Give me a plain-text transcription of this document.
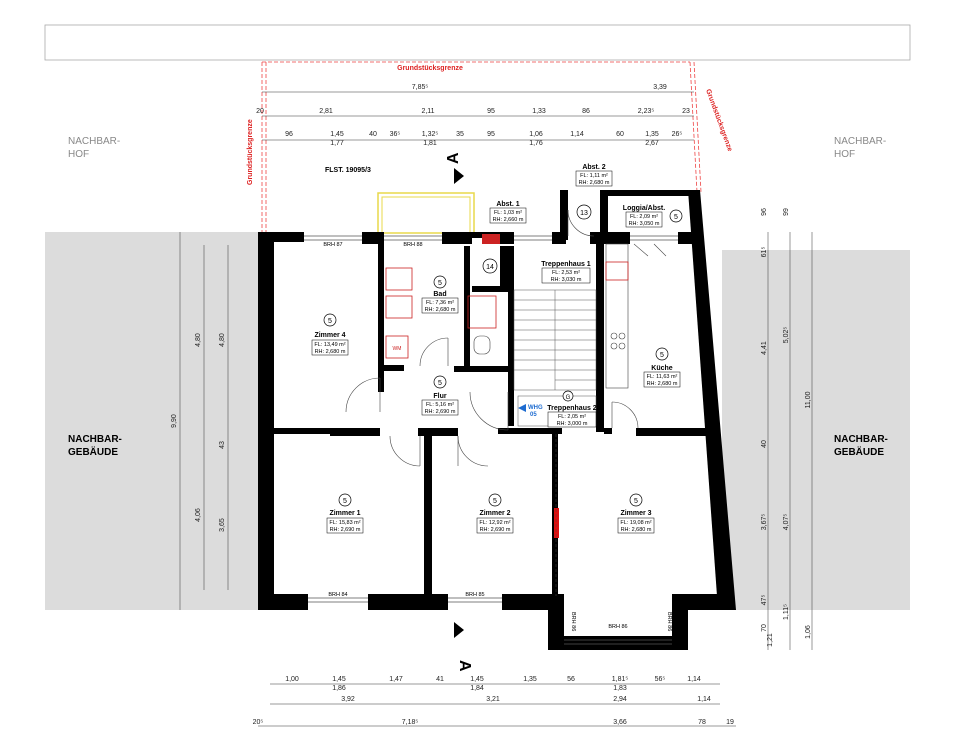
Grundstücksgrenze
Grundstücksgrenze	Grundstücksgrenze
NACHBAR-
HOF
NACHBAR-
HOF
NACHBAR-
GEBÄUDE
NACHBAR-
GEBÄUDE
FLST. 19095/3
WM
A
A
WHG
05
5
Zimmer 4
FL: 13,49 m²
RH: 2,680 m
5
Bad
FL: 7,36 m²
RH: 2,680 m
5
Flur
FL: 5,16 m²
RH: 2,690 m
5
Küche
FL: 11,63 m²
RH: 2,680 m
5
Zimmer 1
FL: 15,83 m²
RH: 2,690 m
5
Zimmer 2
FL: 12,92 m²
RH: 2,690 m
5
Zimmer 3
FL: 19,08 m²
RH: 2,680 m
Abst. 1
FL: 1,03 m²
RH: 2,660 m
Abst. 2
FL: 1,11 m²
RH: 2,680 m
Loggia/Abst.
5
FL: 2,09 m²
RH: 3,050 m
Treppenhaus 1
FL: 2,53 m²
RH: 3,030 m
G
Treppenhaus 2
FL: 2,05 m²
RH: 3,000 m
13
14
BRH 87	BRH 88
BRH 84	BRH 85
BRH 86
BRH 86	BRH 86
7,85⁵	3,39
20	2,81	2,11	95	1,33	86	2,23⁵	23
96	1,45	40 36⁵	1,32⁵	35	95	1,06	1,14	60	1,35 26⁵
1,77	1,81	1,76	2,67
1,00	1,45	1,47	41	1,45	1,35	56	1,81⁵	56⁵	1,14
1,86	1,84	1,83
3,92	3,21	2,94	1,14
20⁵	7,18⁵	3,66	78	19
9,90
4,80 4,80
43
4,06
3,65
96 99
61⁵
4,41
5,02⁵
11,00
40
3,67⁵ 4,07⁵
47⁵
1,21
1,11⁵
70	1,06
